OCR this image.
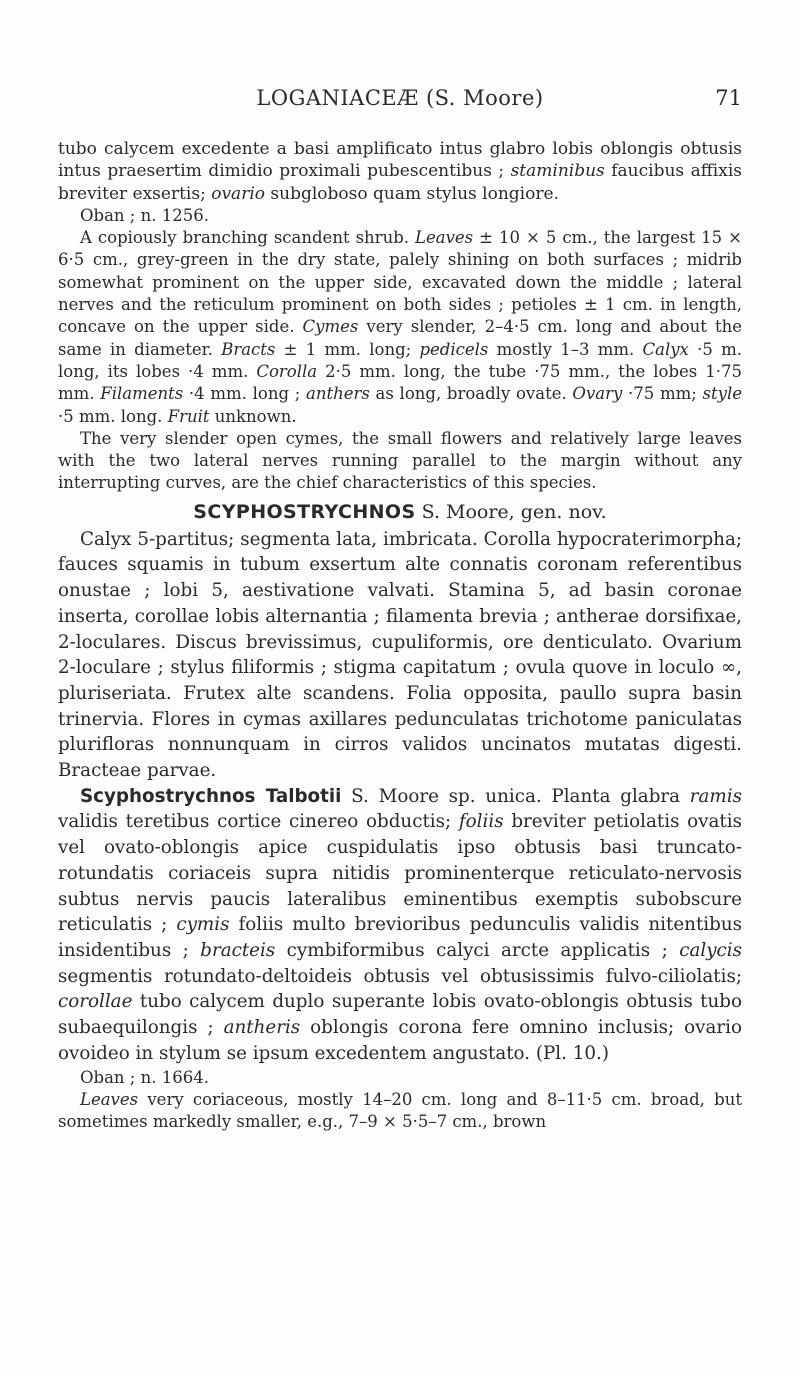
LOGANIACEÆ (S. Moore)	71

tubo calycem excedente a basi amplificato intus glabro lobis oblongis obtusis intus praesertim dimidio proximali pubescentibus ; staminibus faucibus affixis breviter exsertis; ovario subgloboso quam stylus longiore.

Oban ; n. 1256.

A copiously branching scandent shrub. Leaves ± 10 × 5 cm., the largest 15 × 6·5 cm., grey-green in the dry state, palely shining on both surfaces ; midrib somewhat prominent on the upper side, excavated down the middle ; lateral nerves and the reticulum prominent on both sides ; petioles ± 1 cm. in length, concave on the upper side. Cymes very slender, 2–4·5 cm. long and about the same in diameter. Bracts ± 1 mm. long; pedicels mostly 1–3 mm. Calyx ·5 m. long, its lobes ·4 mm. Corolla 2·5 mm. long, the tube ·75 mm., the lobes 1·75 mm. Filaments ·4 mm. long ; anthers as long, broadly ovate. Ovary ·75 mm; style ·5 mm. long. Fruit unknown.

The very slender open cymes, the small flowers and relatively large leaves with the two lateral nerves running parallel to the margin without any interrupting curves, are the chief characteristics of this species.

SCYPHOSTRYCHNOS S. Moore, gen. nov.

Calyx 5-partitus; segmenta lata, imbricata. Corolla hypocraterimorpha; fauces squamis in tubum exsertum alte connatis coronam referentibus onustae ; lobi 5, aestivatione valvati. Stamina 5, ad basin coronae inserta, corollae lobis alternantia ; filamenta brevia ; antherae dorsifixae, 2-loculares. Discus brevissimus, cupuliformis, ore denticulato. Ovarium 2-loculare ; stylus filiformis ; stigma capitatum ; ovula quove in loculo ∞, pluriseriata. Frutex alte scandens. Folia opposita, paullo supra basin trinervia. Flores in cymas axillares pedunculatas trichotome paniculatas plurifloras nonnunquam in cirros validos uncinatos mutatas digesti. Bracteae parvae.

Scyphostrychnos Talbotii S. Moore sp. unica. Planta glabra ramis validis teretibus cortice cinereo obductis; foliis breviter petiolatis ovatis vel ovato-oblongis apice cuspidulatis ipso obtusis basi truncato-rotundatis coriaceis supra nitidis prominenterque reticulato-nervosis subtus nervis paucis lateralibus eminentibus exemptis subobscure reticulatis ; cymis foliis multo brevioribus pedunculis validis nitentibus insidentibus ; bracteis cymbiformibus calyci arcte applicatis ; calycis segmentis rotundato-deltoideis obtusis vel obtusissimis fulvo-ciliolatis; corollae tubo calycem duplo superante lobis ovato-oblongis obtusis tubo subaequilongis ; antheris oblongis corona fere omnino inclusis; ovario ovoideo in stylum se ipsum excedentem angustato. (Pl. 10.)

Oban ; n. 1664.

Leaves very coriaceous, mostly 14–20 cm. long and 8–11·5 cm. broad, but sometimes markedly smaller, e.g., 7–9 × 5·5–7 cm., brown
